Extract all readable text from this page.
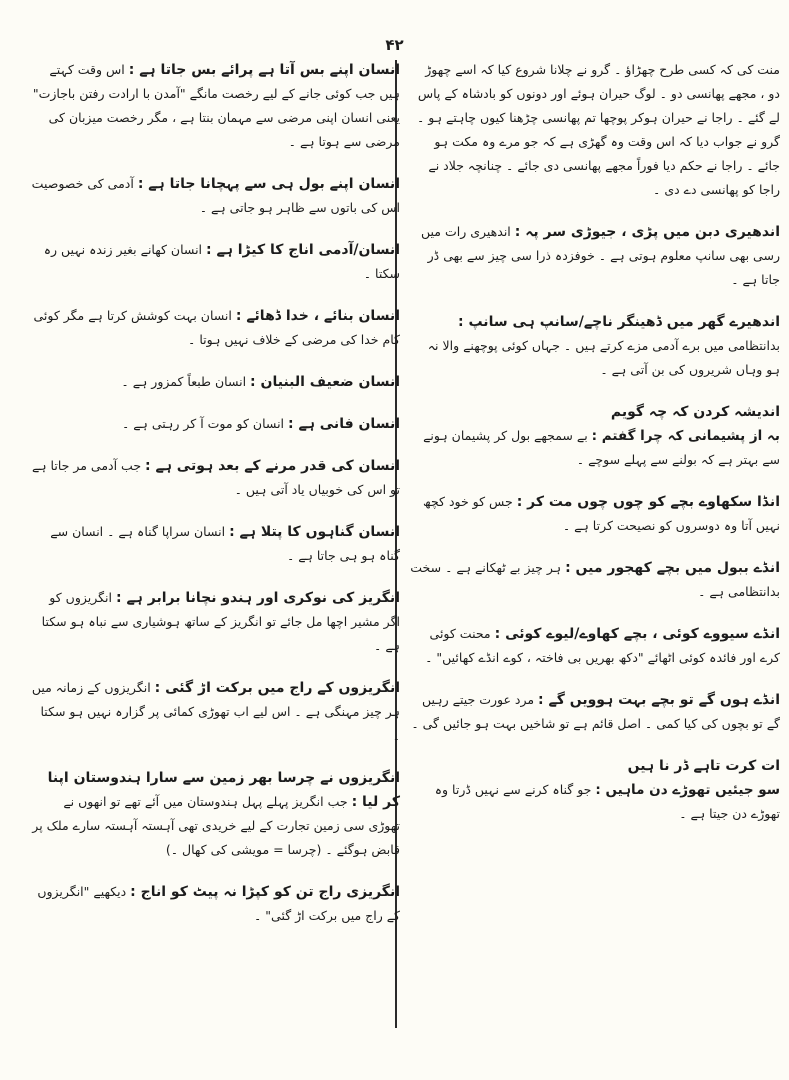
۴۲
منت کی کہ کسی طرح چھڑاؤ ۔ گرو نے چلانا شروع کیا کہ اسے چھوڑ دو ، مجھے پھانسی دو ۔ لوگ حیران ہوئے اور دونوں کو بادشاہ کے پاس لے گئے ۔ راجا نے حیران ہوکر پوچھا تم پھانسی چڑھنا کیوں چاہتے ہو ۔ گرو نے جواب دیا کہ اس وقت وہ گھڑی ہے کہ جو مرے وہ مکت ہو جائے ۔ راجا نے حکم دیا فوراً مجھے پھانسی دی جائے ۔ چنانچہ جلاد نے راجا کو پھانسی دے دی ۔
اندھیری دبن میں پڑی ، جیوڑی سر پہ : اندھیری رات میں رسی بھی سانپ معلوم ہوتی ہے ۔ خوفزدہ ذرا سی چیز سے بھی ڈر جاتا ہے ۔
اندھیرے گھر میں ڈھینگر ناچے/سانپ ہی سانپ : بدانتظامی میں برے آدمی مزے کرتے ہیں ۔ جہاں کوئی پوچھنے والا نہ ہو وہاں شریروں کی بن آتی ہے ۔
اندیشہ کردن کہ چہ گویم
بہ از پشیمانی کہ چرا گفتم : بے سمجھے بول کر پشیمان ہونے سے بہتر ہے کہ بولنے سے پہلے سوچے ۔
انڈا سکھاوے بچے کو چوں چوں مت کر : جس کو خود کچھ نہیں آتا وہ دوسروں کو نصیحت کرتا ہے ۔
انڈے ببول میں بچے کھجور میں : ہر چیز بے ٹھکانے ہے ۔ سخت بدانتظامی ہے ۔
انڈے سیووے کوئی ، بچے کھاوے/لیوے کوئی : محنت کوئی کرے اور فائدہ کوئی اٹھائے "دکھ بھریں بی فاختہ ، کوے انڈے کھائیں" ۔
انڈے ہوں گے تو بچے بہت ہوویں گے : مرد عورت جیتے رہیں گے تو بچوں کی کیا کمی ۔ اصل قائم ہے تو شاخیں بہت ہو جائیں گی ۔
ات کرت تاہے ڈر نا ہیں
سو جیئیں تھوڑے دن ماہیں : جو گناہ کرنے سے نہیں ڈرتا وہ تھوڑے دن جیتا ہے ۔
انسان اپنے بس آتا ہے پرائے بس جاتا ہے : اس وقت کہتے ہیں جب کوئی جانے کے لیے رخصت مانگے "آمدن با ارادت رفتن باجازت" یعنی انسان اپنی مرضی سے مہمان بنتا ہے ، مگر رخصت میزبان کی مرضی سے ہوتا ہے ۔
انسان اپنے بول ہی سے پہچانا جاتا ہے : آدمی کی خصوصیت اس کی باتوں سے ظاہر ہو جاتی ہے ۔
انسان/آدمی اناج کا کیڑا ہے : انسان کھانے بغیر زندہ نہیں رہ سکتا ۔
انسان بنائے ، خدا ڈھائے : انسان بہت کوشش کرتا ہے مگر کوئی کام خدا کی مرضی کے خلاف نہیں ہوتا ۔
انسان ضعیف البنیان : انسان طبعاً کمزور ہے ۔
انسان فانی ہے : انسان کو موت آ کر رہتی ہے ۔
انسان کی قدر مرنے کے بعد ہوتی ہے : جب آدمی مر جاتا ہے تو اس کی خوبیاں یاد آتی ہیں ۔
انسان گناہوں کا پتلا ہے : انسان سراپا گناہ ہے ۔ انسان سے گناہ ہو ہی جاتا ہے ۔
انگریز کی نوکری اور ہندو نچانا برابر ہے : انگریزوں کو اگر مشیر اچھا مل جائے تو انگریز کے ساتھ ہوشیاری سے نباہ ہو سکتا ہے ۔
انگریزوں کے راج میں برکت اڑ گئی : انگریزوں کے زمانہ میں ہر چیز مہنگی ہے ۔ اس لیے اب تھوڑی کمائی پر گزارہ نہیں ہو سکتا ۔
انگریزوں نے چرسا بھر زمین سے سارا ہندوستان اپنا کر لیا : جب انگریز پہلے پہل ہندوستان میں آئے تھے تو انھوں نے تھوڑی سی زمین تجارت کے لیے خریدی تھی آہستہ آہستہ سارے ملک پر قابض ہوگئے ۔ (چرسا = مویشی کی کھال ۔)
انگریزی راج تن کو کپڑا نہ پیٹ کو اناج : دیکھیے "انگریزوں کے راج میں برکت اڑ گئی" ۔
